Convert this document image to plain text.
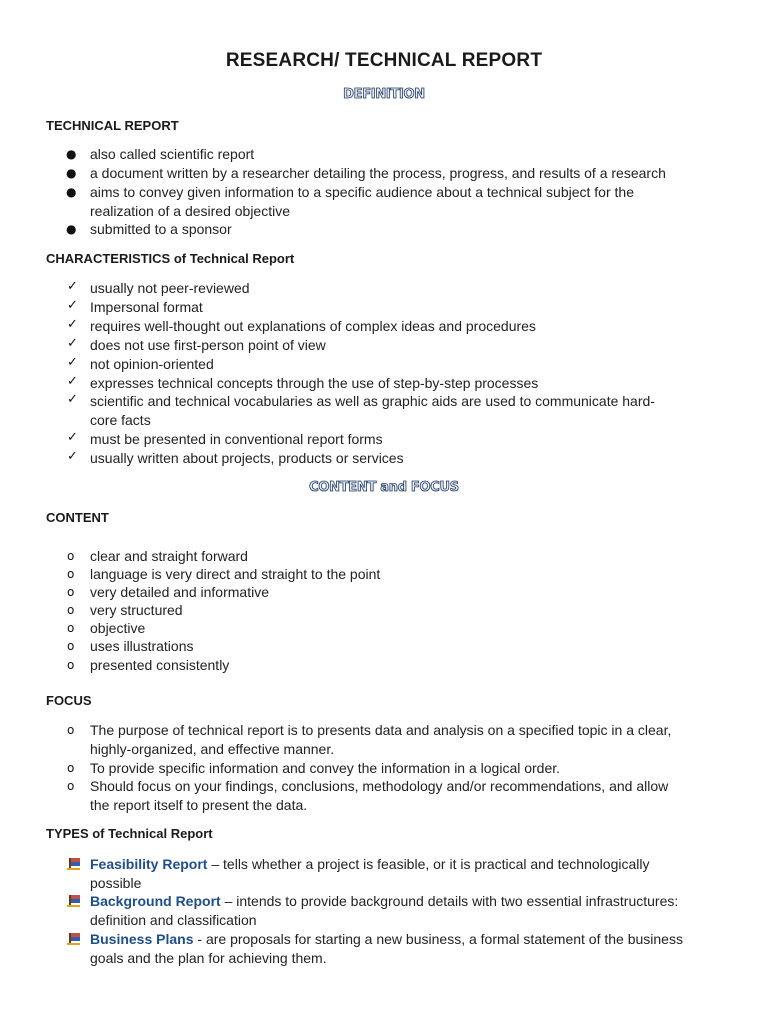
RESEARCH/ TECHNICAL REPORT
DEFINITION
TECHNICAL REPORT
● also called scientific report
● a document written by a researcher detailing the process, progress, and results of a research
● aims to convey given information to a specific audience about a technical subject for the
realization of a desired objective
● submitted to a sponsor
CHARACTERISTICS of Technical Report
✓ usually not peer-reviewed
✓ Impersonal format
✓ requires well-thought out explanations of complex ideas and procedures
✓ does not use first-person point of view
✓ not opinion-oriented
✓ expresses technical concepts through the use of step-by-step processes
✓ scientific and technical vocabularies as well as graphic aids are used to communicate hard-
core facts
✓ must be presented in conventional report forms
✓ usually written about projects, products or services
CONTENT and FOCUS
CONTENT
o clear and straight forward
o language is very direct and straight to the point
o very detailed and informative
o very structured
o objective
o uses illustrations
o presented consistently
FOCUS
o The purpose of technical report is to presents data and analysis on a specified topic in a clear,
highly-organized, and effective manner.
o To provide specific information and convey the information in a logical order.
o Should focus on your findings, conclusions, methodology and/or recommendations, and allow
the report itself to present the data.
TYPES of Technical Report
Feasibility Report – tells whether a project is feasible, or it is practical and technologically
possible
Background Report – intends to provide background details with two essential infrastructures:
definition and classification
Business Plans - are proposals for starting a new business, a formal statement of the business
goals and the plan for achieving them.
